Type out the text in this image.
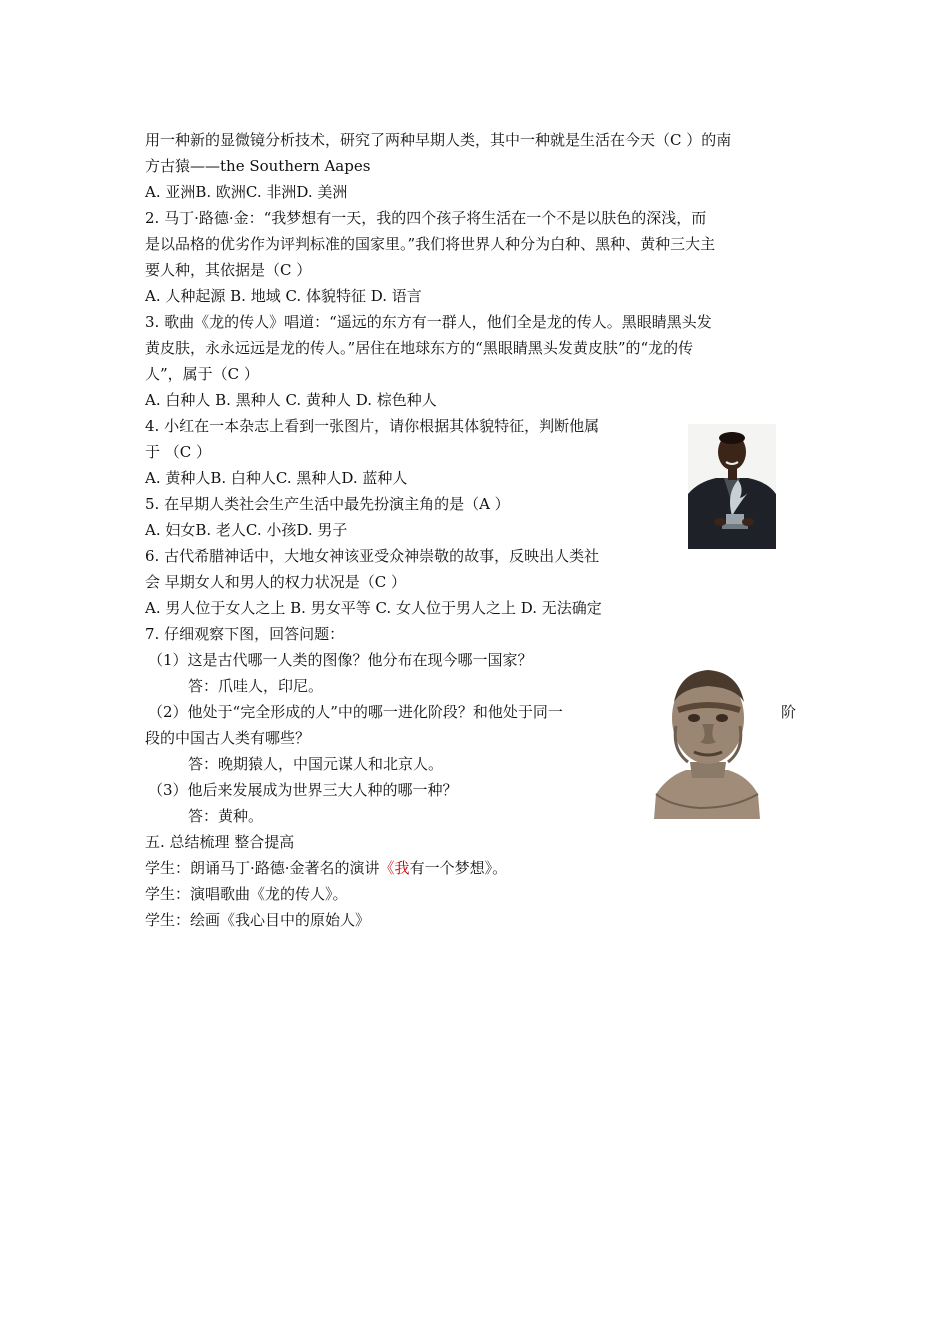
用一种新的显微镜分析技术，研究了两种早期人类，其中一种就是生活在今天（C ）的南
方古猿——the Southern Aapes
A. 亚洲B. 欧洲C. 非洲D. 美洲
2. 马丁·路德·金：“我梦想有一天，我的四个孩子将生活在一个不是以肤色的深浅，而
是以品格的优劣作为评判标准的国家里。”我们将世界人种分为白种、黑种、黄种三大主
要人种，其依据是（C ）
A. 人种起源 B. 地域 C. 体貌特征 D. 语言
3. 歌曲《龙的传人》唱道：“遥远的东方有一群人，他们全是龙的传人。黑眼睛黑头发
黄皮肤，永永远远是龙的传人。”居住在地球东方的“黑眼睛黑头发黄皮肤”的“龙的传
人”，属于（C ）
A. 白种人 B. 黑种人 C. 黄种人 D. 棕色种人
4. 小红在一本杂志上看到一张图片，请你根据其体貌特征，判断他属
于 （C ）
A. 黄种人B. 白种人C. 黑种人D. 蓝种人
5. 在早期人类社会生产生活中最先扮演主角的是（A ）
A. 妇女B. 老人C. 小孩D. 男子
6. 古代希腊神话中，大地女神该亚受众神崇敬的故事，反映出人类社
会 早期女人和男人的权力状况是（C ）
A. 男人位于女人之上 B. 男女平等 C. 女人位于男人之上 D. 无法确定
7. 仔细观察下图，回答问题：
（1）这是古代哪一人类的图像？他分布在现今哪一国家？
答：爪哇人，印尼。
（2）他处于“完全形成的人”中的哪一进化阶段？和他处于同一	阶
段的中国古人类有哪些？
答：晚期猿人，中国元谋人和北京人。
（3）他后来发展成为世界三大人种的哪一种？
答：黄种。
五. 总结梳理 整合提高
学生：朗诵马丁·路德·金著名的演讲《我有一个梦想》。
学生：演唱歌曲《龙的传人》。
学生：绘画《我心目中的原始人》
